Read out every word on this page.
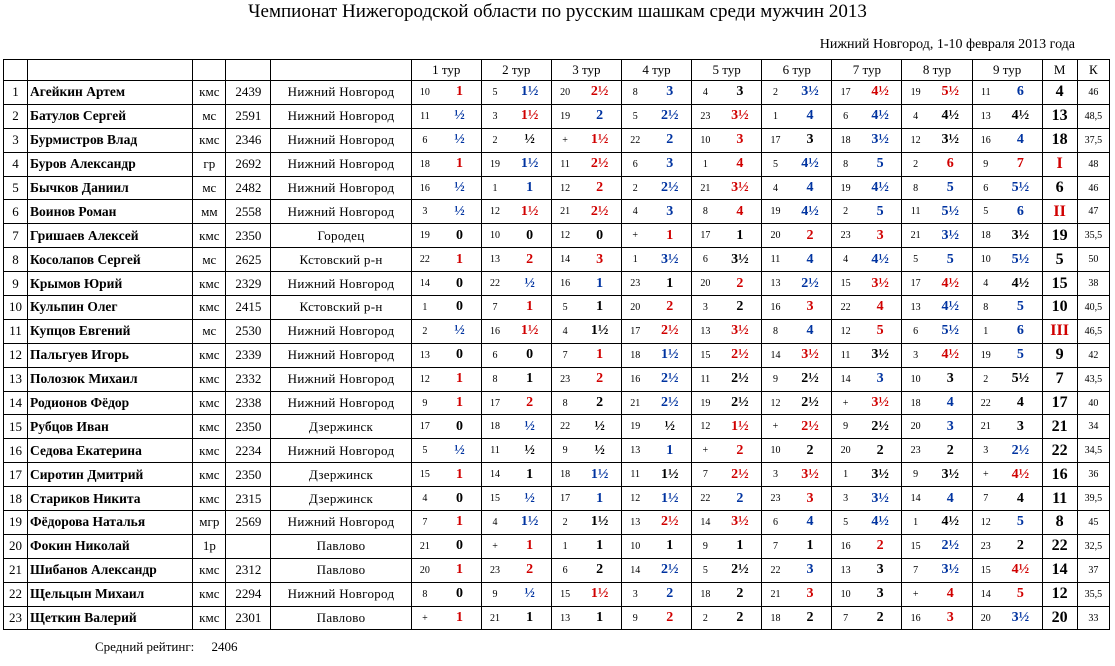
Чемпионат Нижегородской области по русским шашкам среди мужчин 2013
Нижний Новгород, 1-10 февраля 2013 года
					1 тур		2 тур		3 тур		4 тур		5 тур		6 тур		7 тур		8 тур		9 тур		М	К
1	Агейкин Артем	кмс	2439	Нижний Новгород	10	1	5	1½	20	2½	8	3	4	3	2	3½	17	4½	19	5½	11	6	4	46
2	Батулов Сергей	мс	2591	Нижний Новгород	11	½	3	1½	19	2	5	2½	23	3½	1	4	6	4½	4	4½	13	4½	13	48,5
3	Бурмистров Влад	кмс	2346	Нижний Новгород	6	½	2	½	+	1½	22	2	10	3	17	3	18	3½	12	3½	16	4	18	37,5
4	Буров Александр	гр	2692	Нижний Новгород	18	1	19	1½	11	2½	6	3	1	4	5	4½	8	5	2	6	9	7	I	48
5	Бычков Даниил	мс	2482	Нижний Новгород	16	½	1	1	12	2	2	2½	21	3½	4	4	19	4½	8	5	6	5½	6	46
6	Воинов Роман	мм	2558	Нижний Новгород	3	½	12	1½	21	2½	4	3	8	4	19	4½	2	5	11	5½	5	6	II	47
7	Гришаев Алексей	кмс	2350	Городец	19	0	10	0	12	0	+	1	17	1	20	2	23	3	21	3½	18	3½	19	35,5
8	Косолапов Сергей	мс	2625	Кстовский р-н	22	1	13	2	14	3	1	3½	6	3½	11	4	4	4½	5	5	10	5½	5	50
9	Крымов Юрий	кмс	2329	Нижний Новгород	14	0	22	½	16	1	23	1	20	2	13	2½	15	3½	17	4½	4	4½	15	38
10	Кульпин Олег	кмс	2415	Кстовский р-н	1	0	7	1	5	1	20	2	3	2	16	3	22	4	13	4½	8	5	10	40,5
11	Купцов Евгений	мс	2530	Нижний Новгород	2	½	16	1½	4	1½	17	2½	13	3½	8	4	12	5	6	5½	1	6	III	46,5
12	Пальгуев Игорь	кмс	2339	Нижний Новгород	13	0	6	0	7	1	18	1½	15	2½	14	3½	11	3½	3	4½	19	5	9	42
13	Полозюк Михаил	кмс	2332	Нижний Новгород	12	1	8	1	23	2	16	2½	11	2½	9	2½	14	3	10	3	2	5½	7	43,5
14	Родионов Фёдор	кмс	2338	Нижний Новгород	9	1	17	2	8	2	21	2½	19	2½	12	2½	+	3½	18	4	22	4	17	40
15	Рубцов Иван	кмс	2350	Дзержинск	17	0	18	½	22	½	19	½	12	1½	+	2½	9	2½	20	3	21	3	21	34
16	Седова Екатерина	кмс	2234	Нижний Новгород	5	½	11	½	9	½	13	1	+	2	10	2	20	2	23	2	3	2½	22	34,5
17	Сиротин Дмитрий	кмс	2350	Дзержинск	15	1	14	1	18	1½	11	1½	7	2½	3	3½	1	3½	9	3½	+	4½	16	36
18	Стариков Никита	кмс	2315	Дзержинск	4	0	15	½	17	1	12	1½	22	2	23	3	3	3½	14	4	7	4	11	39,5
19	Фёдорова Наталья	мгр	2569	Нижний Новгород	7	1	4	1½	2	1½	13	2½	14	3½	6	4	5	4½	1	4½	12	5	8	45
20	Фокин Николай	1р		Павлово	21	0	+	1	1	1	10	1	9	1	7	1	16	2	15	2½	23	2	22	32,5
21	Шибанов Александр	кмс	2312	Павлово	20	1	23	2	6	2	14	2½	5	2½	22	3	13	3	7	3½	15	4½	14	37
22	Щельцын Михаил	кмс	2294	Нижний Новгород	8	0	9	½	15	1½	3	2	18	2	21	3	10	3	+	4	14	5	12	35,5
23	Щеткин Валерий	кмс	2301	Павлово	+	1	21	1	13	1	9	2	2	2	18	2	7	2	16	3	20	3½	20	33
Средний рейтинг: 2406
